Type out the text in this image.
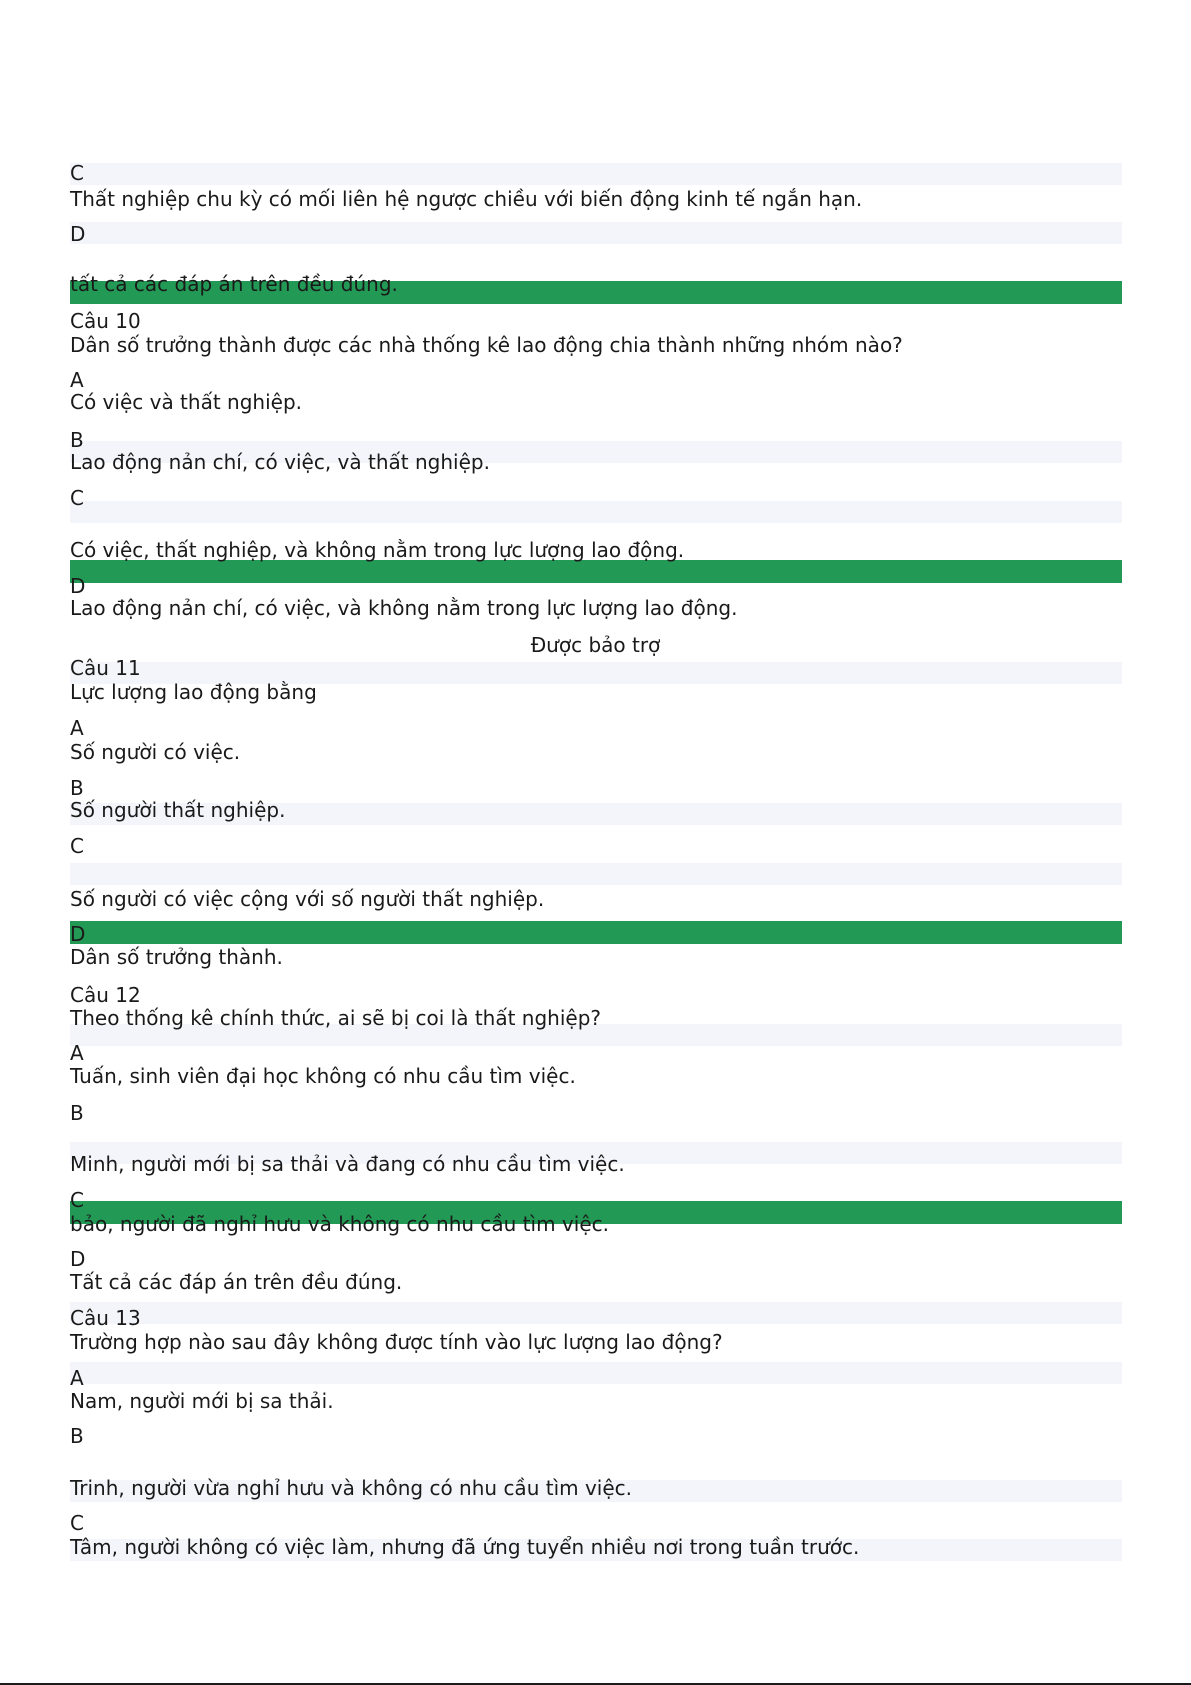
C
Thất nghiệp chu kỳ có mối liên hệ ngược chiều với biến động kinh tế ngắn hạn.
D
tất cả các đáp án trên đều đúng.
Câu 10
Dân số trưởng thành được các nhà thống kê lao động chia thành những nhóm nào?
A
Có việc và thất nghiệp.
B
Lao động nản chí, có việc, và thất nghiệp.
C
Có việc, thất nghiệp, và không nằm trong lực lượng lao động.
D
Lao động nản chí, có việc, và không nằm trong lực lượng lao động.
Được bảo trợ
Câu 11
Lực lượng lao động bằng
A
Số người có việc.
B
Số người thất nghiệp.
C
Số người có việc cộng với số người thất nghiệp.
D
Dân số trưởng thành.
Câu 12
Theo thống kê chính thức, ai sẽ bị coi là thất nghiệp?
A
Tuấn, sinh viên đại học không có nhu cầu tìm việc.
B
Minh, người mới bị sa thải và đang có nhu cầu tìm việc.
C
bảo, người đã nghỉ hưu và không có nhu cầu tìm việc.
D
Tất cả các đáp án trên đều đúng.
Câu 13
Trường hợp nào sau đây không được tính vào lực lượng lao động?
A
Nam, người mới bị sa thải.
B
Trinh, người vừa nghỉ hưu và không có nhu cầu tìm việc.
C
Tâm, người không có việc làm, nhưng đã ứng tuyển nhiều nơi trong tuần trước.
